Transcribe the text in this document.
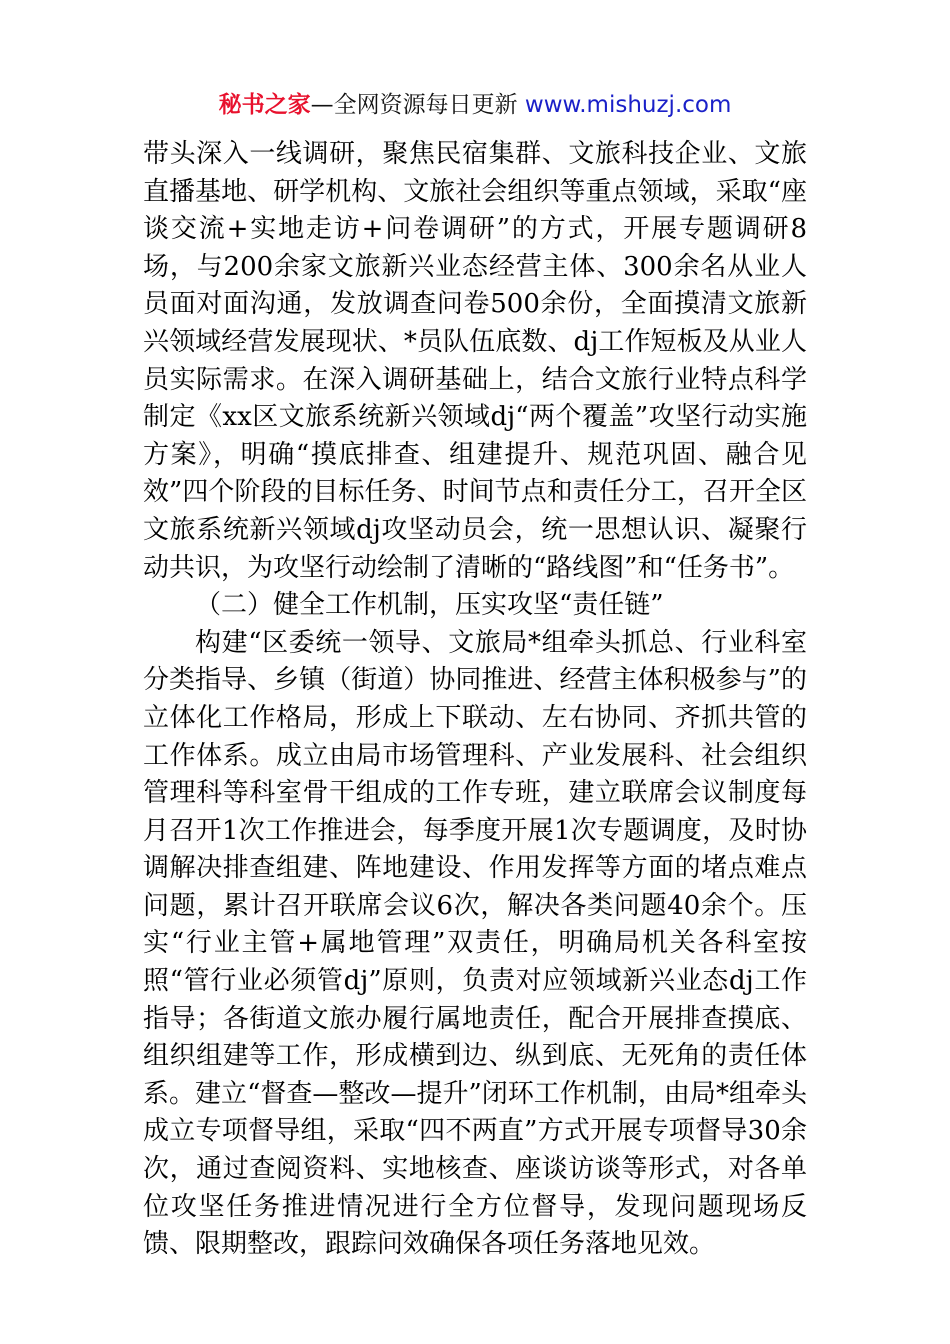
秘书之家—全网资源每日更新 www.mishuzj.com

带头深入一线调研，聚焦民宿集群、文旅科技企业、文旅直播基地、研学机构、文旅社会组织等重点领域，采取“座谈交流+实地走访+问卷调研”的方式，开展专题调研8场，与200余家文旅新兴业态经营主体、300余名从业人员面对面沟通，发放调查问卷500余份，全面摸清文旅新兴领域经营发展现状、*员队伍底数、dj工作短板及从业人员实际需求。在深入调研基础上，结合文旅行业特点科学制定《xx区文旅系统新兴领域dj“两个覆盖”攻坚行动实施方案》，明确“摸底排查、组建提升、规范巩固、融合见效”四个阶段的目标任务、时间节点和责任分工，召开全区文旅系统新兴领域dj攻坚动员会，统一思想认识、凝聚行动共识，为攻坚行动绘制了清晰的“路线图”和“任务书”。

（二）健全工作机制，压实攻坚“责任链”

构建“区委统一领导、文旅局*组牵头抓总、行业科室分类指导、乡镇（街道）协同推进、经营主体积极参与”的立体化工作格局，形成上下联动、左右协同、齐抓共管的工作体系。成立由局市场管理科、产业发展科、社会组织管理科等科室骨干组成的工作专班，建立联席会议制度每月召开1次工作推进会，每季度开展1次专题调度，及时协调解决排查组建、阵地建设、作用发挥等方面的堵点难点问题，累计召开联席会议6次，解决各类问题40余个。压实“行业主管+属地管理”双责任，明确局机关各科室按照“管行业必须管dj”原则，负责对应领域新兴业态dj工作指导；各街道文旅办履行属地责任，配合开展排查摸底、组织组建等工作，形成横到边、纵到底、无死角的责任体系。建立“督查—整改—提升”闭环工作机制，由局*组牵头成立专项督导组，采取“四不两直”方式开展专项督导30余次，通过查阅资料、实地核查、座谈访谈等形式，对各单位攻坚任务推进情况进行全方位督导，发现问题现场反馈、限期整改，跟踪问效确保各项任务落地见效。
